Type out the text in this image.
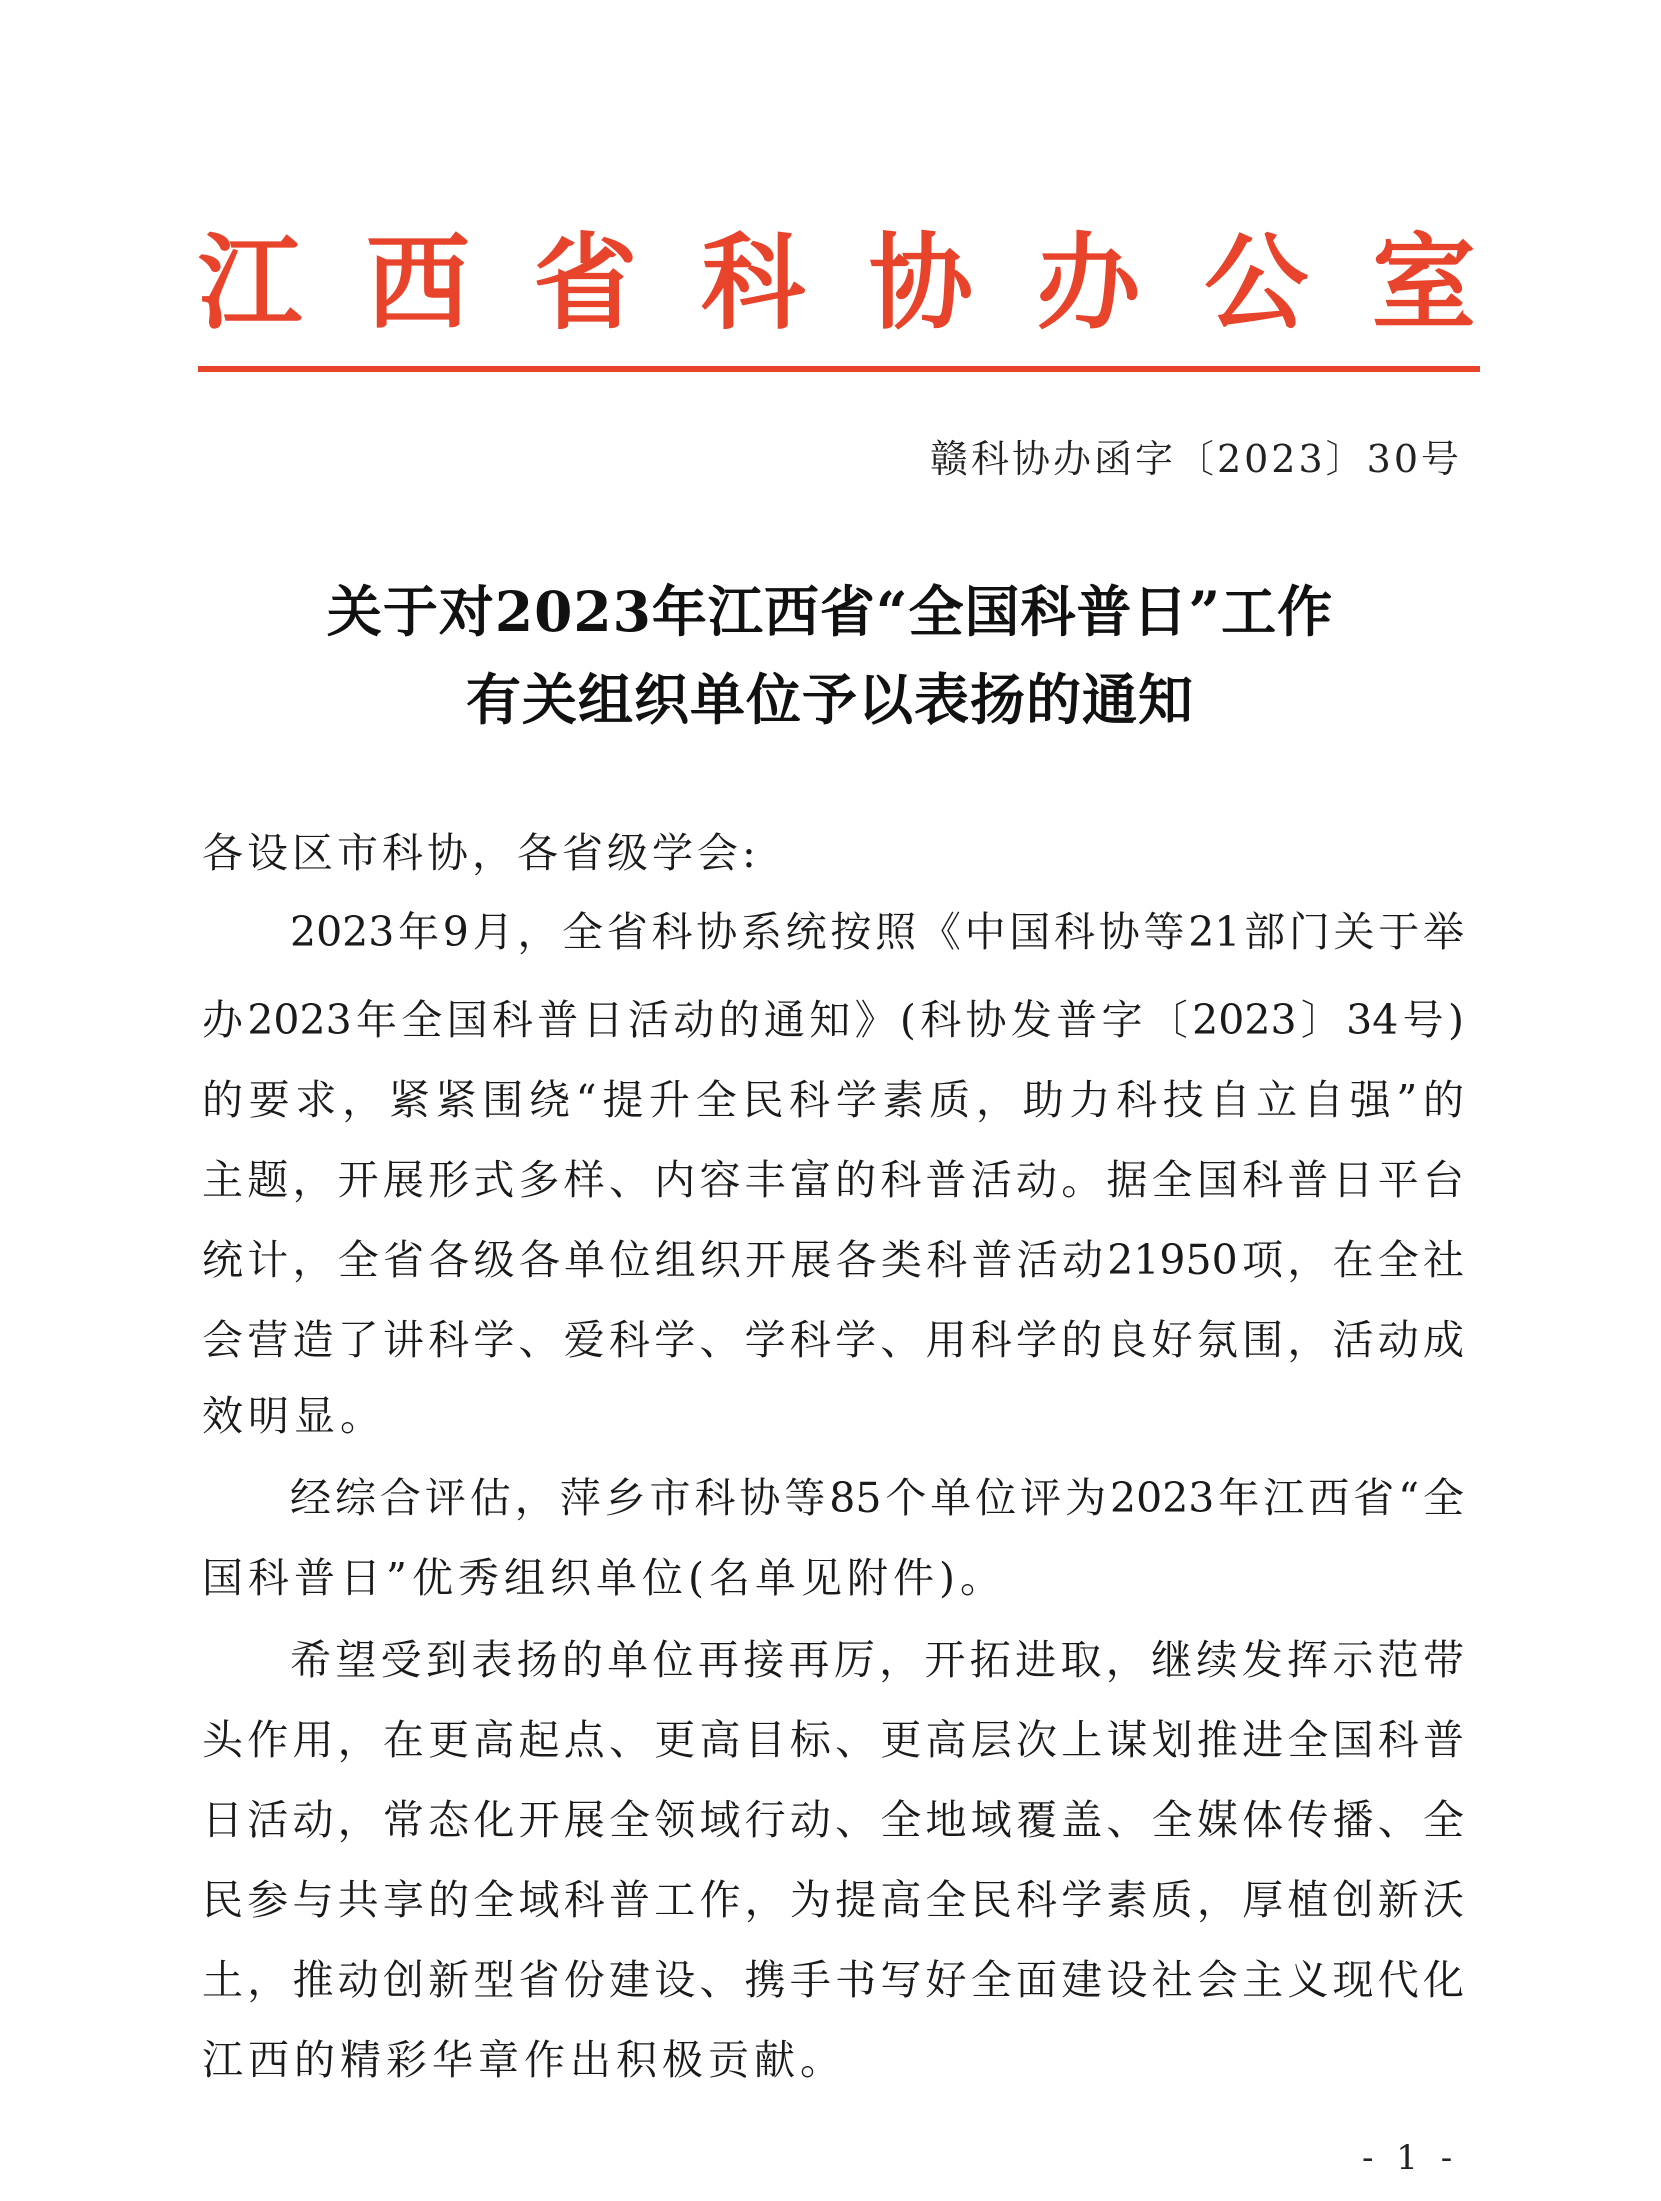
江 西 省 科 协 办 公 室
赣科协办函字〔2023〕30号
关于对2023年江西省“全国科普日”工作
有关组织单位予以表扬的通知
各设区市科协，各省级学会:
2023年9月，全省科协系统按照《中国科协等21部门关于举
办2023年全国科普日活动的通知》(科协发普字〔2023〕34号)
的要求，紧紧围绕“提升全民科学素质，助力科技自立自强”的
主题，开展形式多样、内容丰富的科普活动。据全国科普日平台
统计，全省各级各单位组织开展各类科普活动21950项，在全社
会营造了讲科学、爱科学、学科学、用科学的良好氛围，活动成
效明显。
经综合评估，萍乡市科协等85个单位评为2023年江西省“全
国科普日”优秀组织单位(名单见附件)。
希望受到表扬的单位再接再厉，开拓进取，继续发挥示范带
头作用，在更高起点、更高目标、更高层次上谋划推进全国科普
日活动，常态化开展全领域行动、全地域覆盖、全媒体传播、全
民参与共享的全域科普工作，为提高全民科学素质，厚植创新沃
土，推动创新型省份建设、携手书写好全面建设社会主义现代化
江西的精彩华章作出积极贡献。
- 1 -
